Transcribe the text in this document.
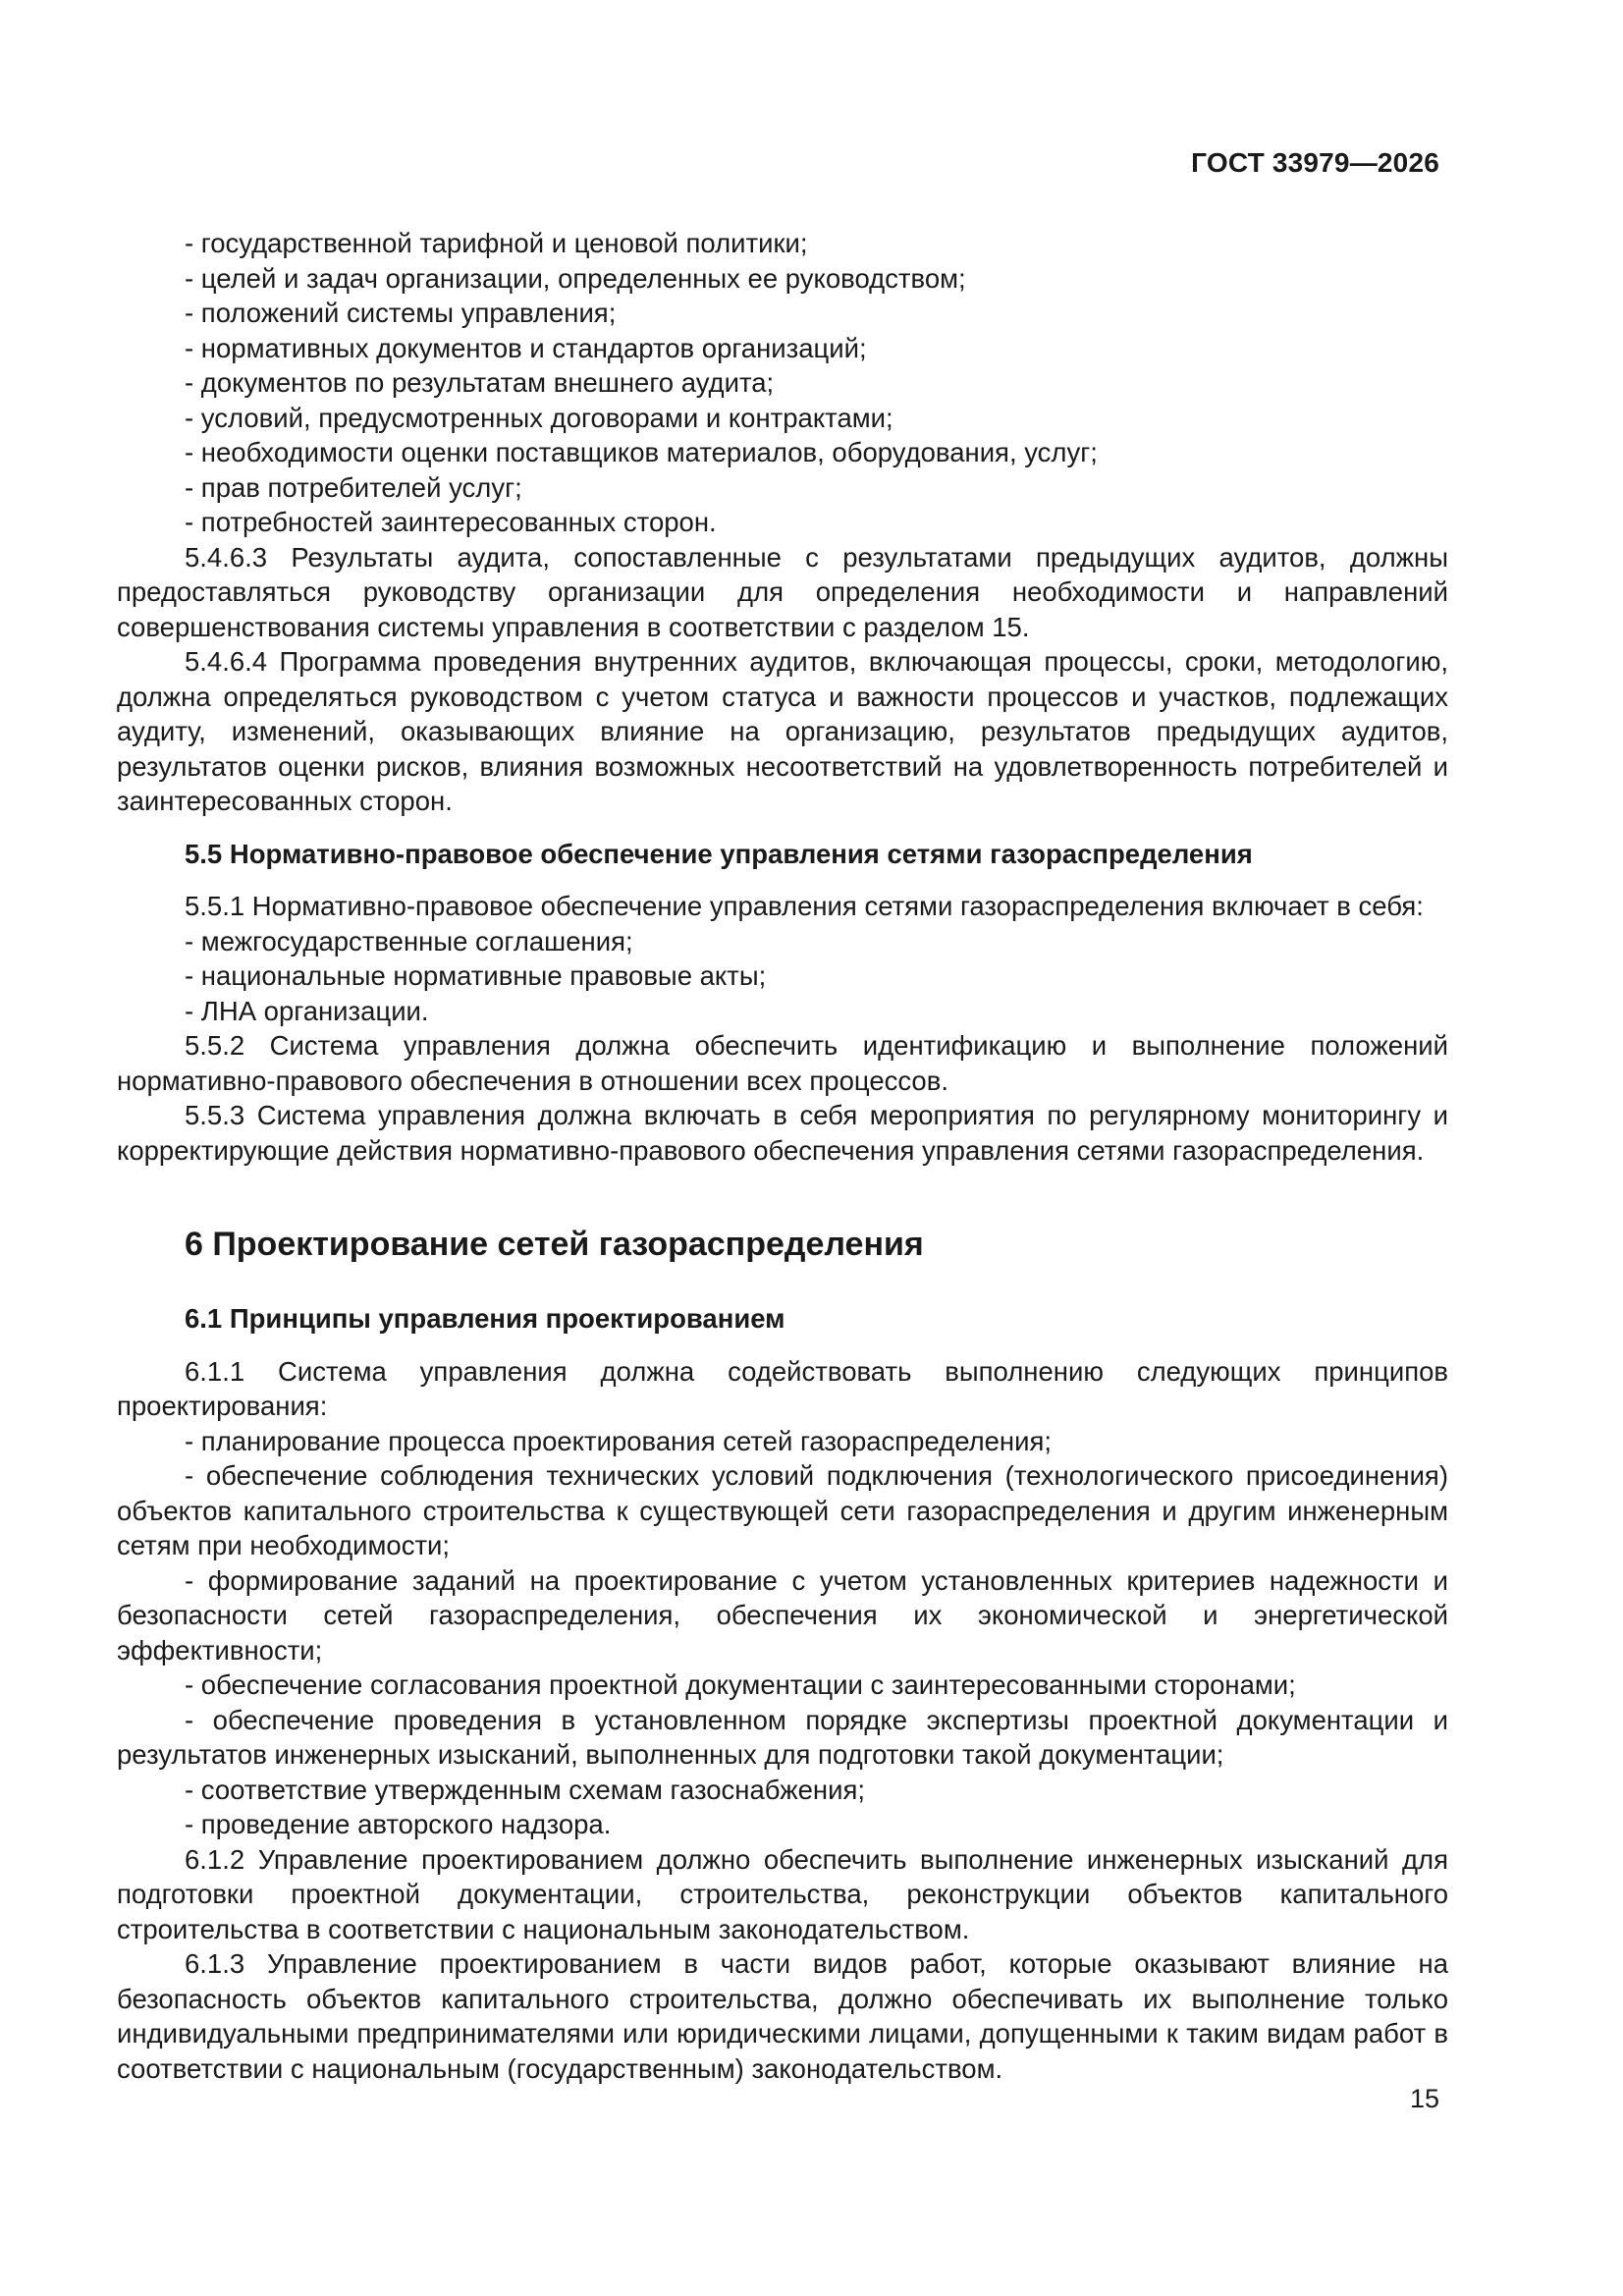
ГОСТ 33979—2026

- государственной тарифной и ценовой политики;

- целей и задач организации, определенных ее руководством;

- положений системы управления;

- нормативных документов и стандартов организаций;

- документов по результатам внешнего аудита;

- условий, предусмотренных договорами и контрактами;

- необходимости оценки поставщиков материалов, оборудования, услуг;

- прав потребителей услуг;

- потребностей заинтересованных сторон.

5.4.6.3 Результаты аудита, сопоставленные с результатами предыдущих аудитов, должны предоставляться руководству организации для определения необходимости и направлений совершенствования системы управления в соответствии с разделом 15.

5.4.6.4 Программа проведения внутренних аудитов, включающая процессы, сроки, методологию, должна определяться руководством с учетом статуса и важности процессов и участков, подлежащих аудиту, изменений, оказывающих влияние на организацию, результатов предыдущих аудитов, результатов оценки рисков, влияния возможных несоответствий на удовлетворенность потребителей и заинтересованных сторон.

5.5 Нормативно-правовое обеспечение управления сетями газораспределения

5.5.1 Нормативно-правовое обеспечение управления сетями газораспределения включает в себя:

- межгосударственные соглашения;

- национальные нормативные правовые акты;

- ЛНА организации.

5.5.2 Система управления должна обеспечить идентификацию и выполнение положений нормативно-правового обеспечения в отношении всех процессов.

5.5.3 Система управления должна включать в себя мероприятия по регулярному мониторингу и корректирующие действия нормативно-правового обеспечения управления сетями газораспределения.

6 Проектирование сетей газораспределения

6.1 Принципы управления проектированием

6.1.1 Система управления должна содействовать выполнению следующих принципов проектирования:

- планирование процесса проектирования сетей газораспределения;

- обеспечение соблюдения технических условий подключения (технологического присоединения) объектов капитального строительства к существующей сети газораспределения и другим инженерным сетям при необходимости;

- формирование заданий на проектирование с учетом установленных критериев надежности и безопасности сетей газораспределения, обеспечения их экономической и энергетической эффективности;

- обеспечение согласования проектной документации с заинтересованными сторонами;

- обеспечение проведения в установленном порядке экспертизы проектной документации и результатов инженерных изысканий, выполненных для подготовки такой документации;

- соответствие утвержденным схемам газоснабжения;

- проведение авторского надзора.

6.1.2 Управление проектированием должно обеспечить выполнение инженерных изысканий для подготовки проектной документации, строительства, реконструкции объектов капитального строительства в соответствии с национальным законодательством.

6.1.3 Управление проектированием в части видов работ, которые оказывают влияние на безопасность объектов капитального строительства, должно обеспечивать их выполнение только индивидуальными предпринимателями или юридическими лицами, допущенными к таким видам работ в соответствии с национальным (государственным) законодательством.

15
